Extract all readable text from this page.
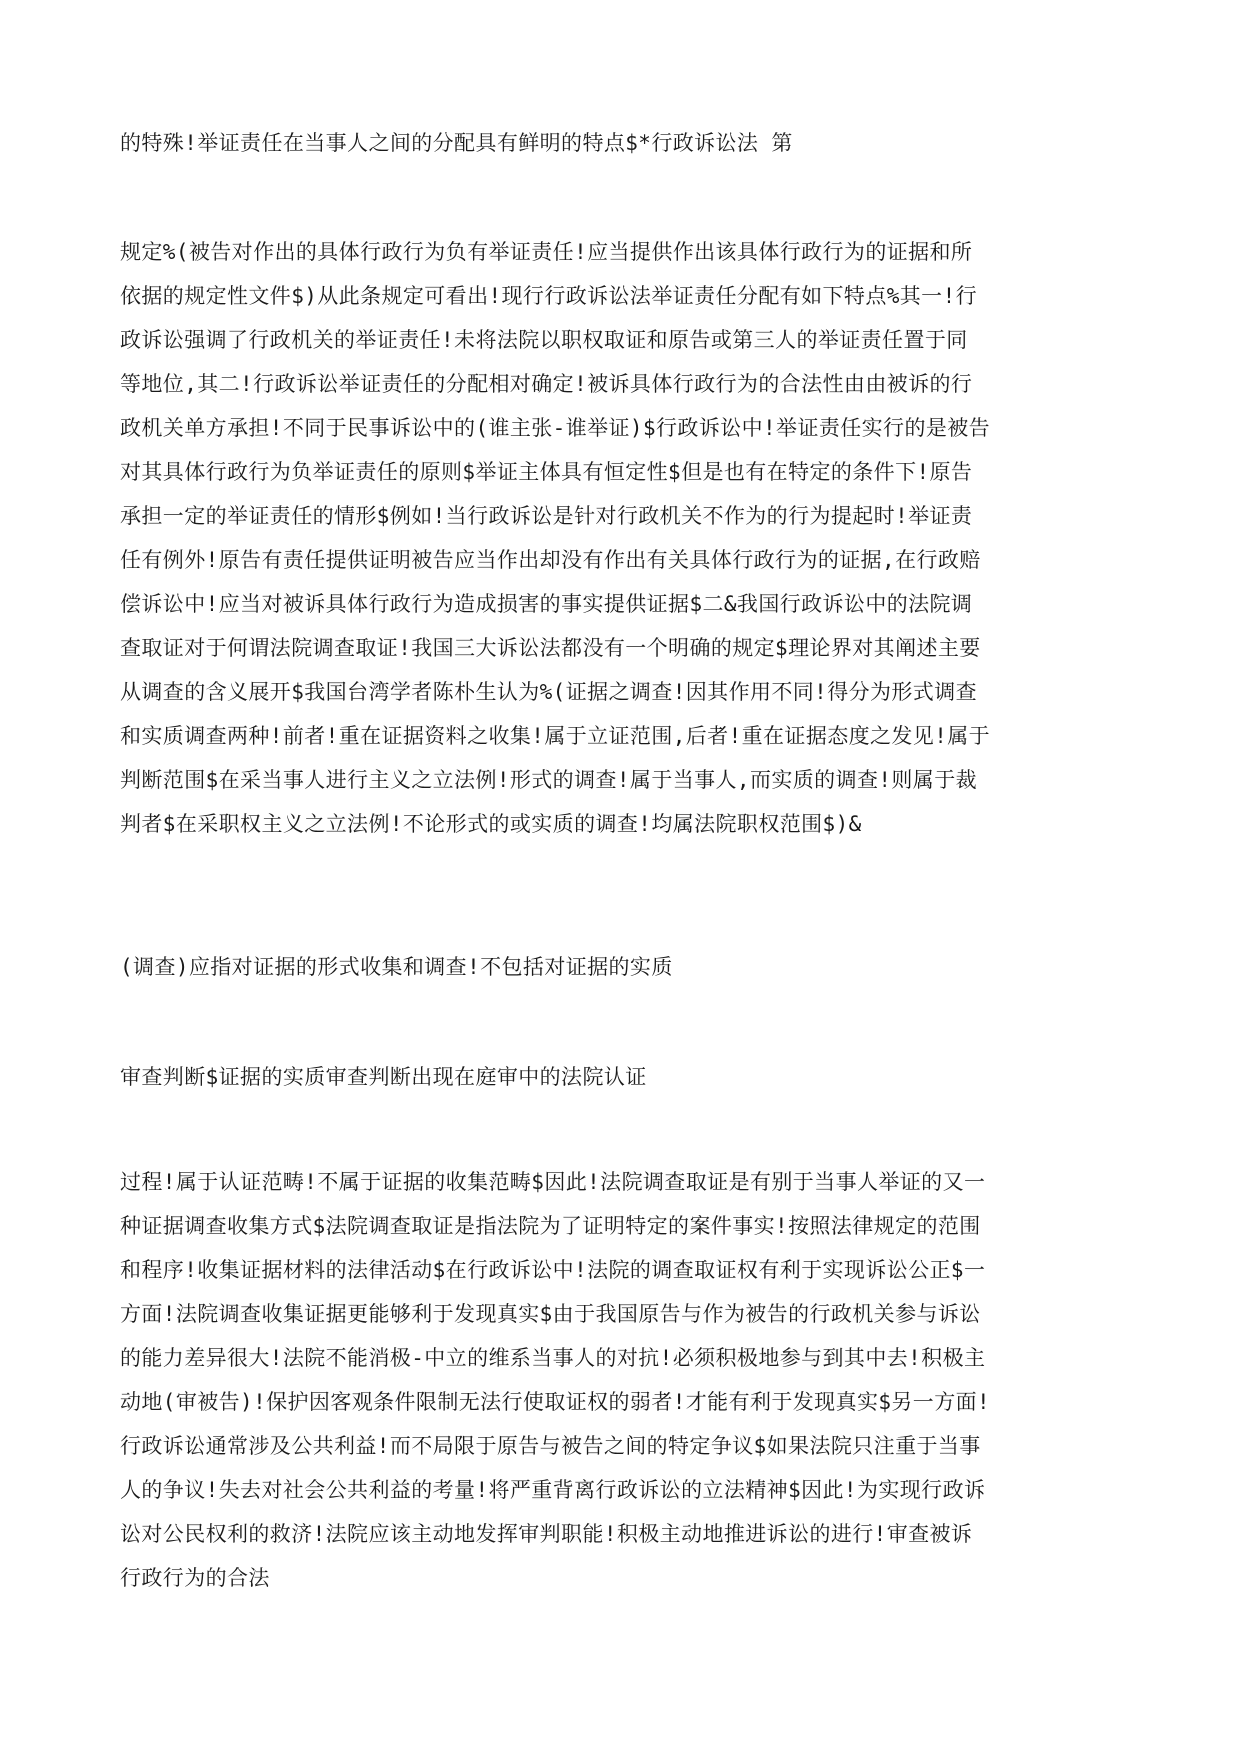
的特殊!举证责任在当事人之间的分配具有鲜明的特点$*行政诉讼法 第

规定%(被告对作出的具体行政行为负有举证责任!应当提供作出该具体行政行为的证据和所
依据的规定性文件$)从此条规定可看出!现行行政诉讼法举证责任分配有如下特点%其一!行
政诉讼强调了行政机关的举证责任!未将法院以职权取证和原告或第三人的举证责任置于同
等地位,其二!行政诉讼举证责任的分配相对确定!被诉具体行政行为的合法性由由被诉的行
政机关单方承担!不同于民事诉讼中的(谁主张-谁举证)$行政诉讼中!举证责任实行的是被告
对其具体行政行为负举证责任的原则$举证主体具有恒定性$但是也有在特定的条件下!原告
承担一定的举证责任的情形$例如!当行政诉讼是针对行政机关不作为的行为提起时!举证责
任有例外!原告有责任提供证明被告应当作出却没有作出有关具体行政行为的证据,在行政赔
偿诉讼中!应当对被诉具体行政行为造成损害的事实提供证据$二&我国行政诉讼中的法院调
查取证对于何谓法院调查取证!我国三大诉讼法都没有一个明确的规定$理论界对其阐述主要
从调查的含义展开$我国台湾学者陈朴生认为%(证据之调查!因其作用不同!得分为形式调查
和实质调查两种!前者!重在证据资料之收集!属于立证范围,后者!重在证据态度之发见!属于
判断范围$在采当事人进行主义之立法例!形式的调查!属于当事人,而实质的调查!则属于裁
判者$在采职权主义之立法例!不论形式的或实质的调查!均属法院职权范围$)&

(调查)应指对证据的形式收集和调查!不包括对证据的实质

审查判断$证据的实质审查判断出现在庭审中的法院认证

过程!属于认证范畴!不属于证据的收集范畴$因此!法院调查取证是有别于当事人举证的又一
种证据调查收集方式$法院调查取证是指法院为了证明特定的案件事实!按照法律规定的范围
和程序!收集证据材料的法律活动$在行政诉讼中!法院的调查取证权有利于实现诉讼公正$一
方面!法院调查收集证据更能够利于发现真实$由于我国原告与作为被告的行政机关参与诉讼
的能力差异很大!法院不能消极-中立的维系当事人的对抗!必须积极地参与到其中去!积极主
动地(审被告)!保护因客观条件限制无法行使取证权的弱者!才能有利于发现真实$另一方面!
行政诉讼通常涉及公共利益!而不局限于原告与被告之间的特定争议$如果法院只注重于当事
人的争议!失去对社会公共利益的考量!将严重背离行政诉讼的立法精神$因此!为实现行政诉
讼对公民权利的救济!法院应该主动地发挥审判职能!积极主动地推进诉讼的进行!审查被诉
行政行为的合法
